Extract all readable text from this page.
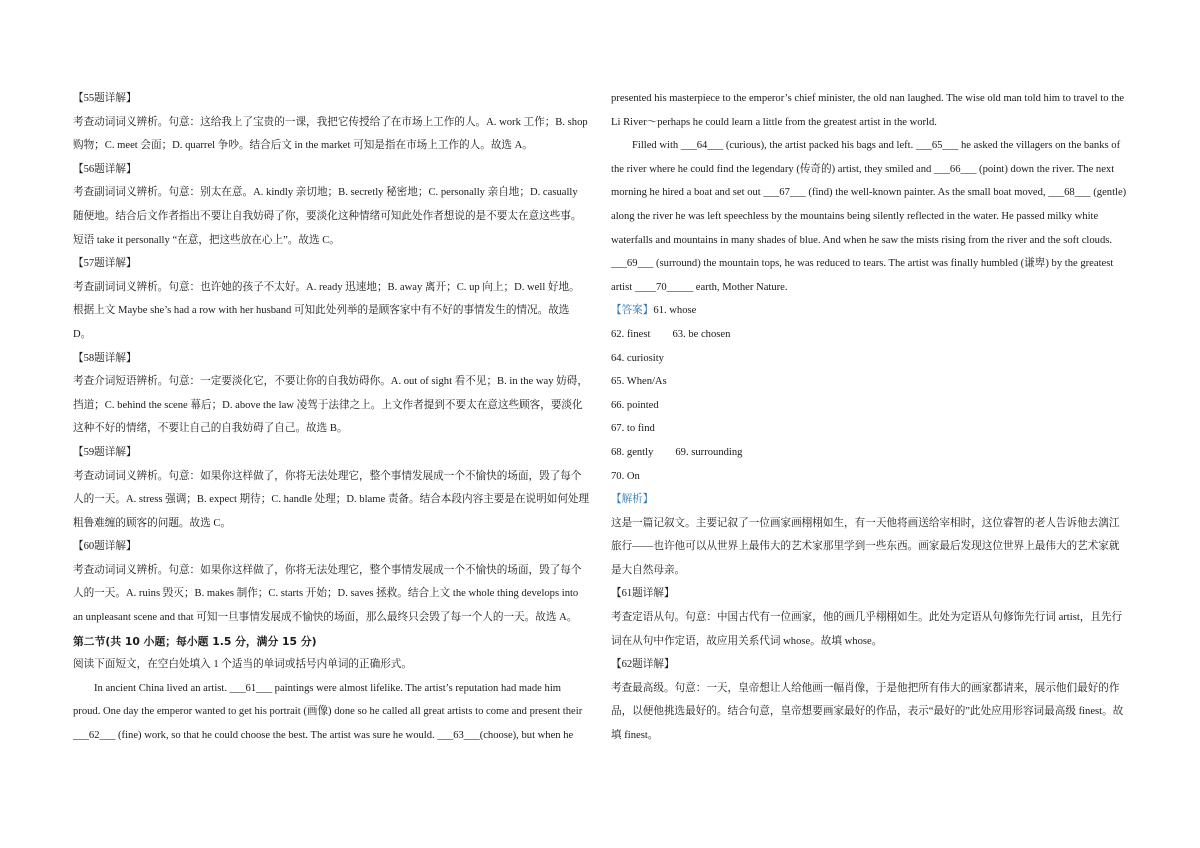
【55题详解】

考查动词词义辨析。句意：这给我上了宝贵的一课，我把它传授给了在市场上工作的人。A. work 工作；B. shop 购物；C. meet 会面；D. quarrel 争吵。结合后文 in the market 可知是指在市场上工作的人。故选 A。

【56题详解】

考查副词词义辨析。句意：别太在意。A. kindly 亲切地；B. secretly 秘密地；C. personally 亲自地；D. casually 随便地。结合后文作者指出不要让自我妨碍了你，要淡化这种情绪可知此处作者想说的是不要太在意这些事。短语 take it personally “在意，把这些放在心上”。故选 C。

【57题详解】

考查副词词义辨析。句意：也许她的孩子不太好。A. ready 迅速地；B. away 离开；C. up 向上；D. well 好地。根据上文 Maybe she’s had a row with her husband 可知此处列举的是顾客家中有不好的事情发生的情况。故选 D。

【58题详解】

考查介词短语辨析。句意：一定要淡化它，不要让你的自我妨碍你。A. out of sight 看不见；B. in the way 妨碍，挡道；C. behind the scene 幕后；D. above the law 凌驾于法律之上。上文作者提到不要太在意这些顾客，要淡化这种不好的情绪，不要让自己的自我妨碍了自己。故选 B。

【59题详解】

考查动词词义辨析。句意：如果你这样做了，你将无法处理它，整个事情发展成一个不愉快的场面，毁了每个人的一天。A. stress 强调；B. expect 期待；C. handle 处理；D. blame 责备。结合本段内容主要是在说明如何处理粗鲁难缠的顾客的问题。故选 C。

【60题详解】

考查动词词义辨析。句意：如果你这样做了，你将无法处理它，整个事情发展成一个不愉快的场面，毁了每个人的一天。A. ruins 毁灭；B. makes 制作；C. starts 开始；D. saves 拯救。结合上文 the whole thing develops into an unpleasant scene and that 可知一旦事情发展成不愉快的场面，那么最终只会毁了每一个人的一天。故选 A。

第二节(共 10 小题；每小题 1.5 分，满分 15 分)

阅读下面短文，在空白处填入 1 个适当的单词或括号内单词的正确形式。

In ancient China lived an artist. ___61___ paintings were almost lifelike. The artist’s reputation had made him proud. One day the emperor wanted to get his portrait (画像) done so he called all great artists to come and present their ___62___ (fine) work, so that he could choose the best. The artist was sure he would. ___63___(choose), but when he

presented his masterpiece to the emperor’s chief minister, the old nan laughed. The wise old man told him to travel to the Li River～perhaps he could learn a little from the greatest artist in the world.

Filled with ___64___ (curious), the artist packed his bags and left. ___65___ he asked the villagers on the banks of the river where he could find the legendary (传奇的) artist, they smiled and ___66___ (point) down the river. The next morning he hired a boat and set out ___67___ (find) the well-known painter. As the small boat moved, ___68___ (gentle) along the river he was left speechless by the mountains being silently reflected in the water. He passed milky white waterfalls and mountains in many shades of blue. And when he saw the mists rising from the river and the soft clouds. ___69___ (surround) the mountain tops, he was reduced to tears. The artist was finally humbled (谦卑) by the greatest artist ____70_____ earth, Mother Nature.

【答案】61. whose

62. finest 63. be chosen

64. curiosity

65. When/As

66. pointed

67. to find

68. gently 69. surrounding

70. On

【解析】

这是一篇记叙文。主要记叙了一位画家画栩栩如生，有一天他将画送给宰相时，这位睿智的老人告诉他去漓江旅行——也许他可以从世界上最伟大的艺术家那里学到一些东西。画家最后发现这位世界上最伟大的艺术家就是大自然母亲。

【61题详解】

考查定语从句。句意：中国古代有一位画家，他的画几乎栩栩如生。此处为定语从句修饰先行词 artist，且先行词在从句中作定语，故应用关系代词 whose。故填 whose。

【62题详解】

考查最高级。句意：一天，皇帝想让人给他画一幅肖像，于是他把所有伟大的画家都请来，展示他们最好的作品，以便他挑选最好的。结合句意，皇帝想要画家最好的作品，表示“最好的”此处应用形容词最高级 finest。故填 finest。
